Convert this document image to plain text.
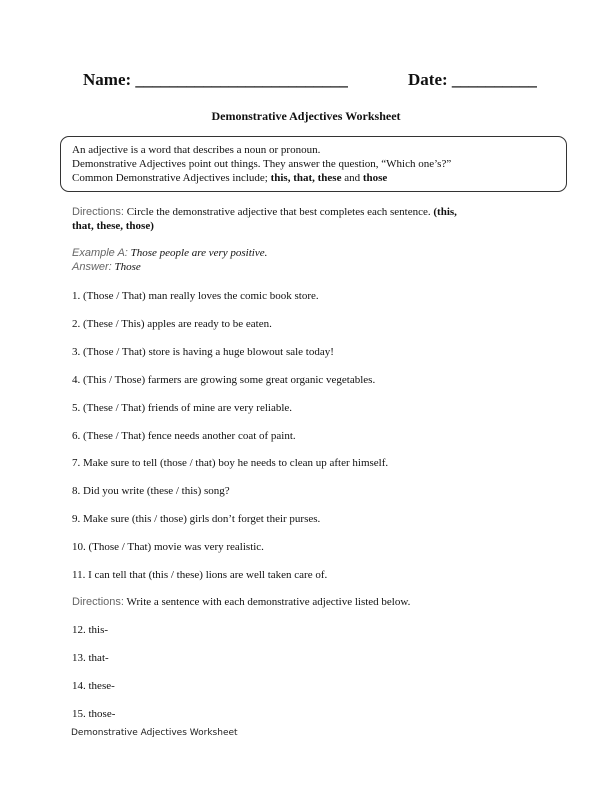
Name: _________________________	Date: __________
Demonstrative Adjectives Worksheet
An adjective is a word that describes a noun or pronoun.
Demonstrative Adjectives point out things. They answer the question, “Which one’s?”
Common Demonstrative Adjectives include; this, that, these and those
Directions: Circle the demonstrative adjective that best completes each sentence. (this,
that, these, those)
Example A: Those people are very positive.
Answer: Those
1. (Those / That) man really loves the comic book store.
2. (These / This) apples are ready to be eaten.
3. (Those / That) store is having a huge blowout sale today!
4. (This / Those) farmers are growing some great organic vegetables.
5. (These / That) friends of mine are very reliable.
6. (These / That) fence needs another coat of paint.
7. Make sure to tell (those / that) boy he needs to clean up after himself.
8. Did you write (these / this) song?
9. Make sure (this / those) girls don’t forget their purses.
10. (Those / That) movie was very realistic.
11. I can tell that (this / these) lions are well taken care of.
Directions: Write a sentence with each demonstrative adjective listed below.
12. this-
13. that-
14. these-
15. those-
Demonstrative Adjectives Worksheet
